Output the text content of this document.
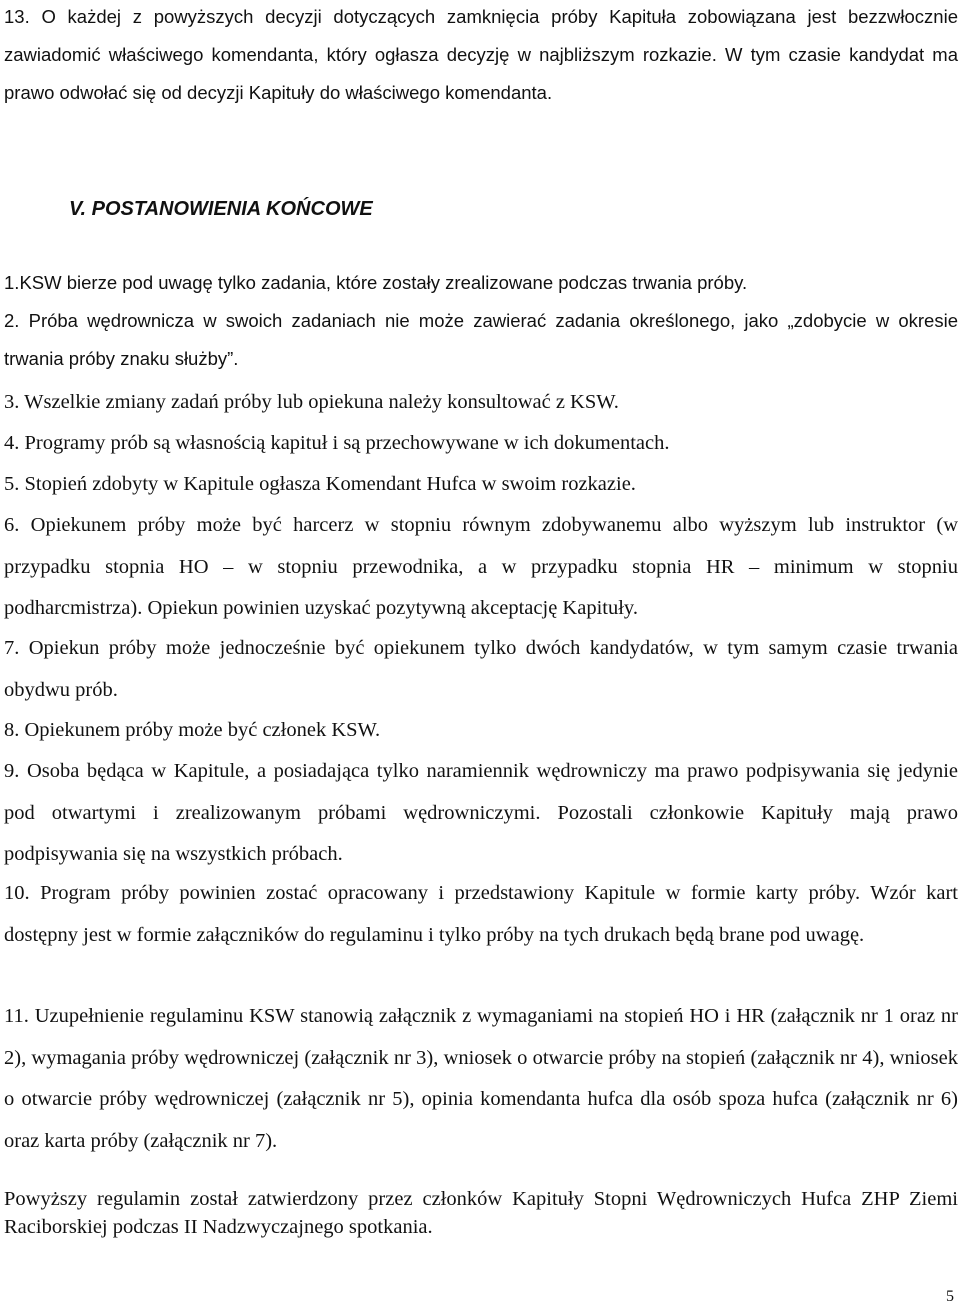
13. O każdej z powyższych decyzji dotyczących zamknięcia próby Kapituła zobowiązana jest bezzwłocznie zawiadomić właściwego komendanta, który ogłasza decyzję w najbliższym rozkazie. W tym czasie kandydat ma prawo odwołać się od decyzji Kapituły do właściwego komendanta.

V. POSTANOWIENIA KOŃCOWE

1.KSW bierze pod uwagę tylko zadania, które zostały zrealizowane podczas trwania próby.

2. Próba wędrownicza w swoich zadaniach nie może zawierać zadania określonego, jako „zdobycie w okresie trwania próby znaku służby”.

3. Wszelkie zmiany zadań próby lub opiekuna należy konsultować z KSW.

4. Programy prób są własnością kapituł i są przechowywane w ich dokumentach.

5. Stopień zdobyty w Kapitule ogłasza Komendant Hufca w swoim rozkazie.

6. Opiekunem próby może być harcerz w stopniu równym zdobywanemu albo wyższym lub instruktor (w przypadku stopnia HO – w stopniu przewodnika, a w przypadku stopnia HR – minimum w stopniu podharcmistrza). Opiekun powinien uzyskać pozytywną akceptację Kapituły.

7. Opiekun próby może jednocześnie być opiekunem tylko dwóch kandydatów, w tym samym czasie trwania obydwu prób.

8. Opiekunem próby może być członek KSW.

9. Osoba będąca w Kapitule, a posiadająca tylko naramiennik wędrowniczy ma prawo podpisywania się jedynie pod otwartymi i zrealizowanym próbami wędrowniczymi. Pozostali członkowie Kapituły mają prawo podpisywania się na wszystkich próbach.

10. Program próby powinien zostać opracowany i przedstawiony Kapitule w formie karty próby. Wzór kart dostępny jest w formie załączników do regulaminu i tylko próby na tych drukach będą brane pod uwagę.

11. Uzupełnienie regulaminu KSW stanowią załącznik z wymaganiami na stopień HO i HR (załącznik nr 1 oraz nr 2), wymagania próby wędrowniczej (załącznik nr 3), wniosek o otwarcie próby na stopień (załącznik nr 4), wniosek o otwarcie próby wędrowniczej (załącznik nr 5), opinia komendanta hufca dla osób spoza hufca (załącznik nr 6) oraz karta próby (załącznik nr 7).

Powyższy regulamin został zatwierdzony przez członków Kapituły Stopni Wędrowniczych Hufca ZHP Ziemi Raciborskiej podczas II Nadzwyczajnego spotkania.

5
